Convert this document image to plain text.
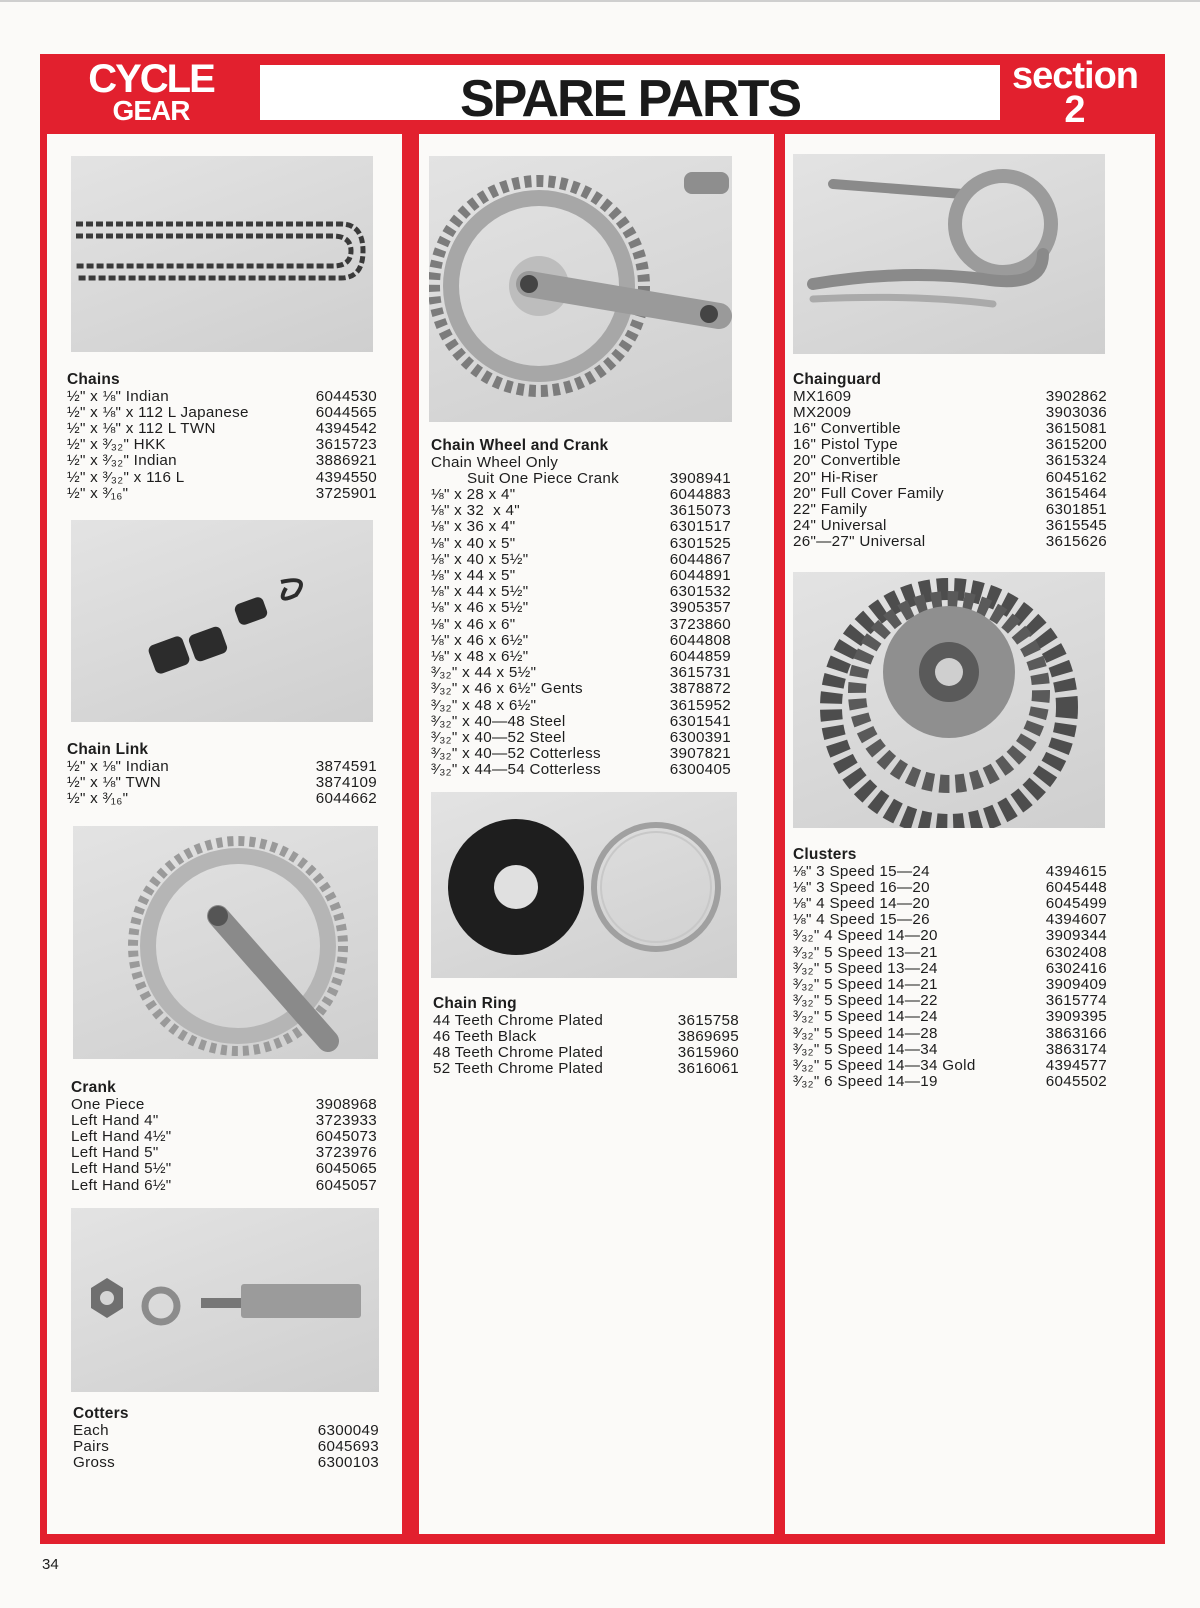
CYCLE
GEAR	SPARE PARTS	section
2
Chains
½" x ⅛" Indian	6044530
½" x ⅛" x 112 L Japanese	6044565
½" x ⅛" x 112 L TWN	4394542
½" x ³⁄₃₂" HKK	3615723
½" x ³⁄₃₂" Indian	3886921
½" x ³⁄₃₂" x 116 L	4394550
½" x ³⁄₁₆"	3725901
Chain Link
½" x ⅛" Indian	3874591
½" x ⅛" TWN	3874109
½" x ³⁄₁₆"	6044662
Crank
One Piece	3908968
Left Hand 4"	3723933
Left Hand 4½"	6045073
Left Hand 5"	3723976
Left Hand 5½"	6045065
Left Hand 6½"	6045057
Cotters
Each	6300049
Pairs	6045693
Gross	6300103
Chain Wheel and Crank
Chain Wheel Only
Suit One Piece Crank	3908941
⅛" x 28 x 4"	6044883
⅛" x 32  x 4"	3615073
⅛" x 36 x 4"	6301517
⅛" x 40 x 5"	6301525
⅛" x 40 x 5½"	6044867
⅛" x 44 x 5"	6044891
⅛" x 44 x 5½"	6301532
⅛" x 46 x 5½"	3905357
⅛" x 46 x 6"	3723860
⅛" x 46 x 6½"	6044808
⅛" x 48 x 6½"	6044859
³⁄₃₂" x 44 x 5½"	3615731
³⁄₃₂" x 46 x 6½" Gents	3878872
³⁄₃₂" x 48 x 6½"	3615952
³⁄₃₂" x 40—48 Steel	6301541
³⁄₃₂" x 40—52 Steel	6300391
³⁄₃₂" x 40—52 Cotterless	3907821
³⁄₃₂" x 44—54 Cotterless	6300405
Chain Ring
44 Teeth Chrome Plated	3615758
46 Teeth Black	3869695
48 Teeth Chrome Plated	3615960
52 Teeth Chrome Plated	3616061
Chainguard
MX1609	3902862
MX2009	3903036
16" Convertible	3615081
16" Pistol Type	3615200
20" Convertible	3615324
20" Hi-Riser	6045162
20" Full Cover Family	3615464
22" Family	6301851
24" Universal	3615545
26"—27" Universal	3615626
Clusters
⅛" 3 Speed 15—24	4394615
⅛" 3 Speed 16—20	6045448
⅛" 4 Speed 14—20	6045499
⅛" 4 Speed 15—26	4394607
³⁄₃₂" 4 Speed 14—20	3909344
³⁄₃₂" 5 Speed 13—21	6302408
³⁄₃₂" 5 Speed 13—24	6302416
³⁄₃₂" 5 Speed 14—21	3909409
³⁄₃₂" 5 Speed 14—22	3615774
³⁄₃₂" 5 Speed 14—24	3909395
³⁄₃₂" 5 Speed 14—28	3863166
³⁄₃₂" 5 Speed 14—34	3863174
³⁄₃₂" 5 Speed 14—34 Gold	4394577
³⁄₃₂" 6 Speed 14—19	6045502
34
